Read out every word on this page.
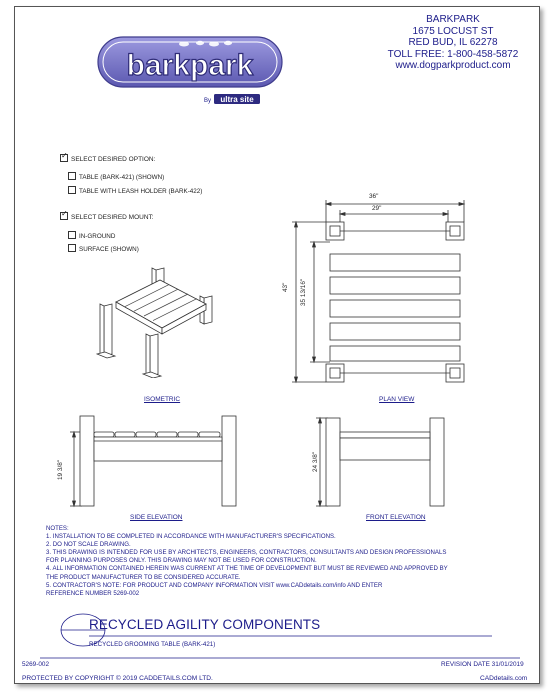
barkpark
By ultra site
BARKPARK
1675 LOCUST ST
RED BUD, IL 62278
TOLL FREE: 1-800-458-5872
www.dogparkproduct.com
✓SELECT DESIRED OPTION:
TABLE (BARK-421) (SHOWN)
TABLE WITH LEASH HOLDER (BARK-422)
✓SELECT DESIRED MOUNT:
IN-GROUND
SURFACE (SHOWN)
ISOMETRIC
36"
29"
43" 35 13/16"
PLAN VIEW
19 3/8"
SIDE ELEVATION
24 3/8"
FRONT ELEVATION
NOTES:
1. INSTALLATION TO BE COMPLETED IN ACCORDANCE WITH MANUFACTURER'S SPECIFICATIONS.
2. DO NOT SCALE DRAWING.
3. THIS DRAWING IS INTENDED FOR USE BY ARCHITECTS, ENGINEERS, CONTRACTORS, CONSULTANTS AND DESIGN PROFESSIONALS
FOR PLANNING PURPOSES ONLY. THIS DRAWING MAY NOT BE USED FOR CONSTRUCTION.
4. ALL INFORMATION CONTAINED HEREIN WAS CURRENT AT THE TIME OF DEVELOPMENT BUT MUST BE REVIEWED AND APPROVED BY
THE PRODUCT MANUFACTURER TO BE CONSIDERED ACCURATE.
5. CONTRACTOR'S NOTE: FOR PRODUCT AND COMPANY INFORMATION VISIT www.CADdetails.com/info AND ENTER
REFERENCE NUMBER 5269-002
RECYCLED AGILITY COMPONENTS
RECYCLED GROOMING TABLE (BARK-421)
5269-002	REVISION DATE 31/01/2019
PROTECTED BY COPYRIGHT © 2019 CADDETAILS.COM LTD.	CADdetails.com
